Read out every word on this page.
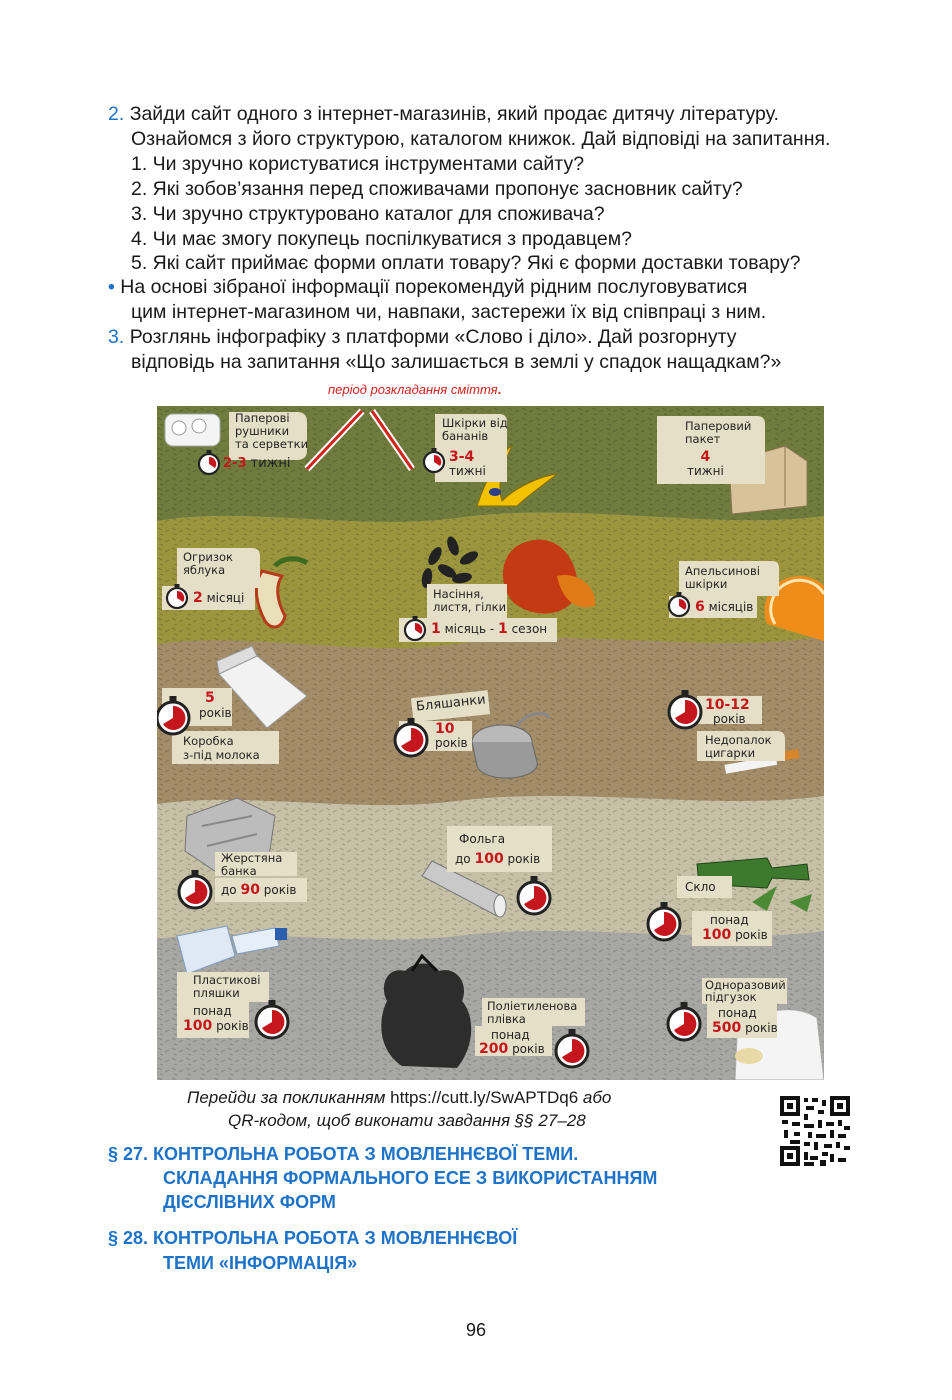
2. Зайди сайт одного з інтернет-магазинів, який продає дитячу літературу.
Ознайомся з його структурою, каталогом книжок. Дай відповіді на запитання.
1. Чи зручно користуватися інструментами сайту?
2. Які зобов’язання перед споживачами пропонує засновник сайту?
3. Чи зручно структуровано каталог для споживача?
4. Чи має змогу покупець поспілкуватися з продавцем?
5. Які сайт приймає форми оплати товару? Які є форми доставки товару?
• На основі зібраної інформації порекомендуй рідним послуговуватися
цим інтернет-магазином чи, навпаки, застережи їх від співпраці з ним.
3. Розглянь інфографіку з платформи «Слово і діло». Дай розгорнуту
відповідь на запитання «Що залишається в землі у спадок нащадкам?»
період розкладання сміття.
Паперові
рушники
та серветки
2-3 тижні
Шкірки від
бананів
3-4
тижні
Паперовий
пакет
4
тижні
Огризок
яблука
2 місяці	Насіння,
листя, гілки
1 місяць - 1 сезон
Апельсинові
шкірки
6 місяців
5
років
Коробка
з-під молока
Бляшанки
10
років
10-12
років
Недопалок
цигарки
Жерстяна
банка
до 90 років
Фольга
до 100 років
Скло
понад
100 років
Пластикові
пляшки
понад
100 років
Поліетиленова
плівка
понад
200 років
Одноразовий
підгузок
понад
500 років
Перейди за покликанням https://cutt.ly/SwAPTDq6 або
QR-кодом, щоб виконати завдання §§ 27–28
§ 27. КОНТРОЛЬНА РОБОТА З МОВЛЕННЄВОЇ ТЕМИ.
СКЛАДАННЯ ФОРМАЛЬНОГО ЕСЕ З ВИКОРИСТАННЯМ
ДІЄСЛІВНИХ ФОРМ
§ 28. КОНТРОЛЬНА РОБОТА З МОВЛЕННЄВОЇ
ТЕМИ «ІНФОРМАЦІЯ»
96
